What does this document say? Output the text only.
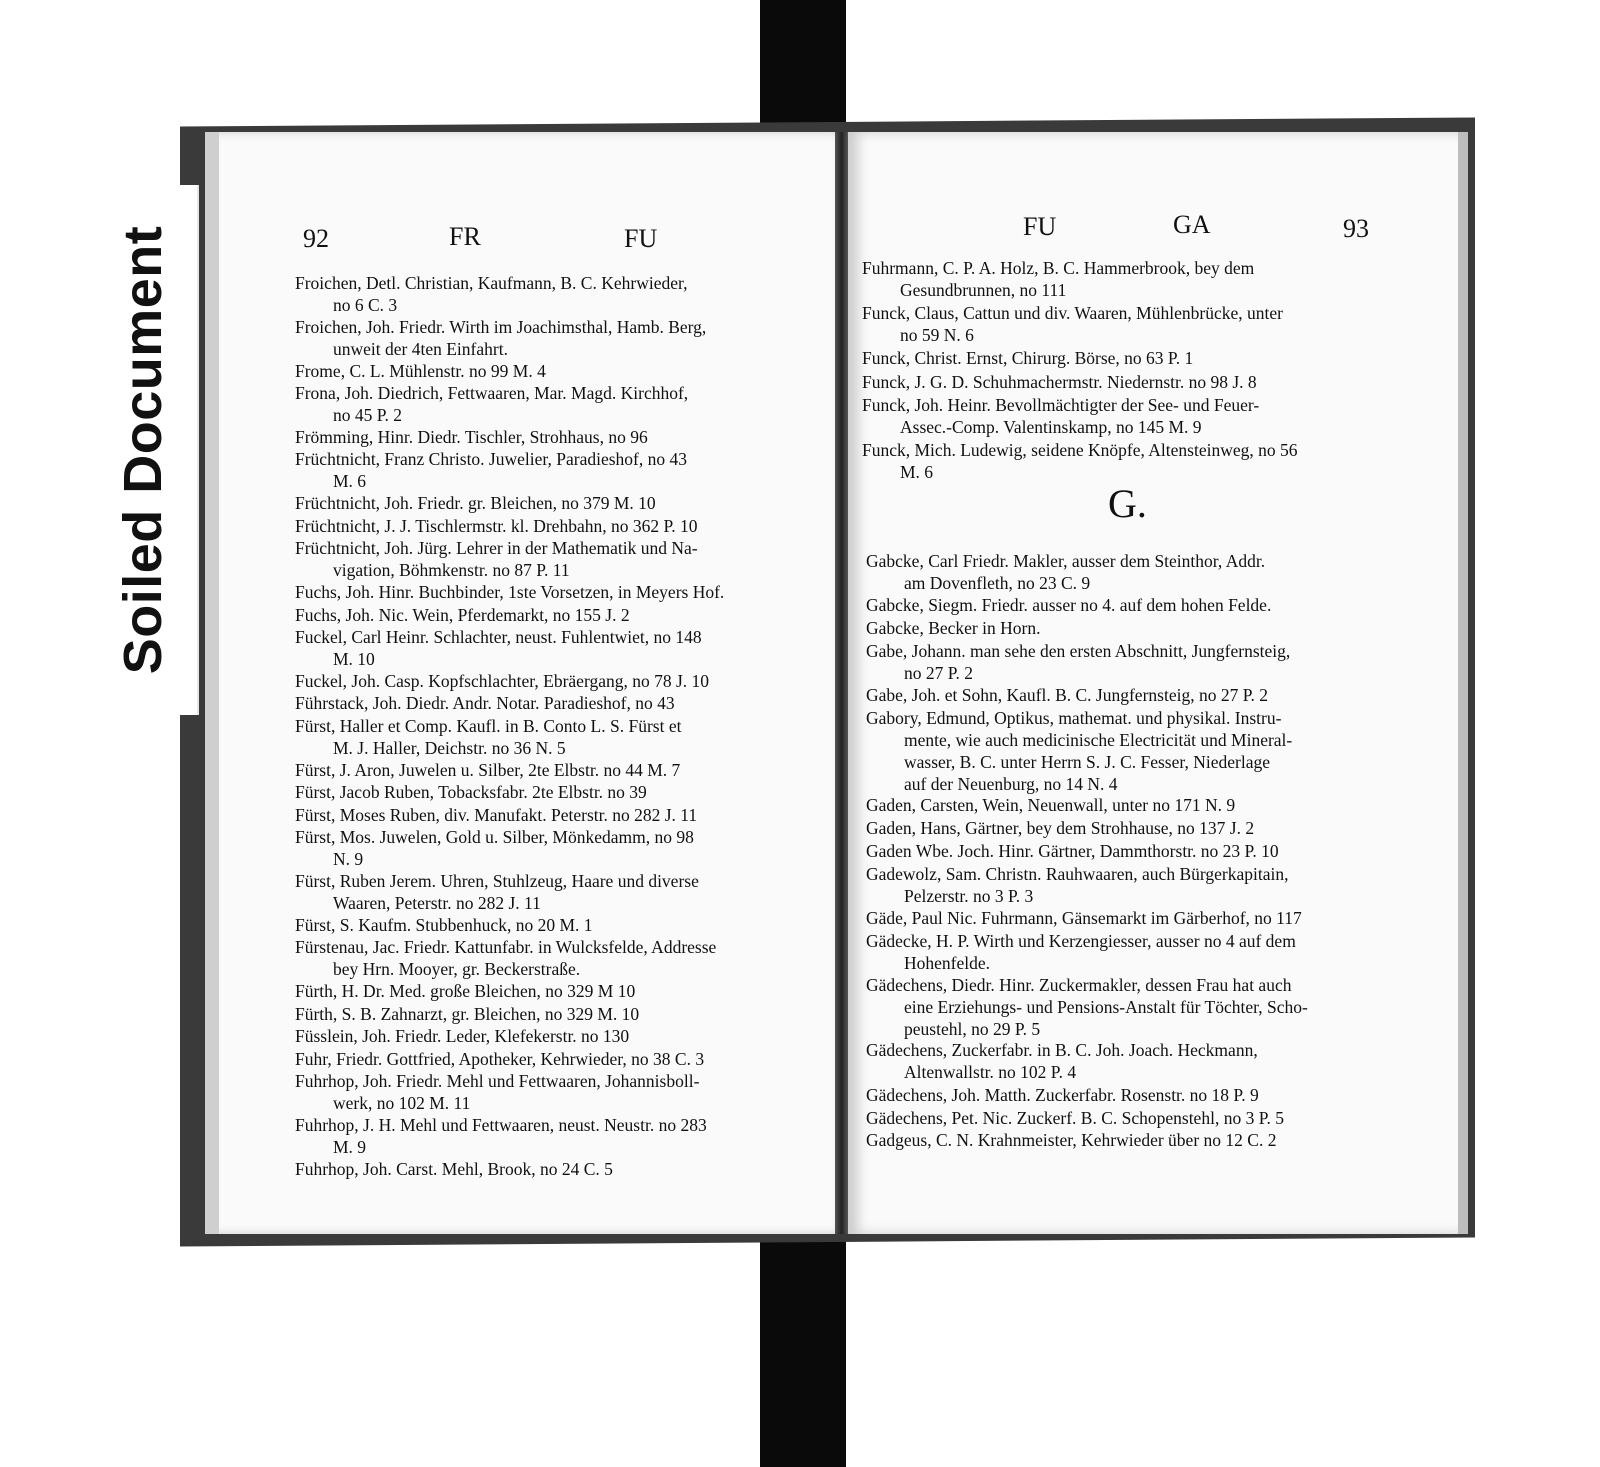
92	FR	FU
Froichen, Detl. Christian, Kaufmann, B. C. Kehrwieder,
no 6 C. 3
Froichen, Joh. Friedr. Wirth im Joachimsthal, Hamb. Berg,
unweit der 4ten Einfahrt.
Frome, C. L. Mühlenstr. no 99 M. 4
Frona, Joh. Diedrich, Fettwaaren, Mar. Magd. Kirchhof,
no 45 P. 2
Frömming, Hinr. Diedr. Tischler, Strohhaus, no 96
Früchtnicht, Franz Christo. Juwelier, Paradieshof, no 43
M. 6
Früchtnicht, Joh. Friedr. gr. Bleichen, no 379 M. 10
Früchtnicht, J. J. Tischlermstr. kl. Drehbahn, no 362 P. 10
Früchtnicht, Joh. Jürg. Lehrer in der Mathematik und Na-
vigation, Böhmkenstr. no 87 P. 11
Fuchs, Joh. Hinr. Buchbinder, 1ste Vorsetzen, in Meyers Hof.
Fuchs, Joh. Nic. Wein, Pferdemarkt, no 155 J. 2
Fuckel, Carl Heinr. Schlachter, neust. Fuhlentwiet, no 148
M. 10
Fuckel, Joh. Casp. Kopfschlachter, Ebräergang, no 78 J. 10
Führstack, Joh. Diedr. Andr. Notar. Paradieshof, no 43
Fürst, Haller et Comp. Kaufl. in B. Conto L. S. Fürst et
M. J. Haller, Deichstr. no 36 N. 5
Fürst, J. Aron, Juwelen u. Silber, 2te Elbstr. no 44 M. 7
Fürst, Jacob Ruben, Tobacksfabr. 2te Elbstr. no 39
Fürst, Moses Ruben, div. Manufakt. Peterstr. no 282 J. 11
Fürst, Mos. Juwelen, Gold u. Silber, Mönkedamm, no 98
N. 9
Fürst, Ruben Jerem. Uhren, Stuhlzeug, Haare und diverse
Waaren, Peterstr. no 282 J. 11
Fürst, S. Kaufm. Stubbenhuck, no 20 M. 1
Fürstenau, Jac. Friedr. Kattunfabr. in Wulcksfelde, Addresse
bey Hrn. Mooyer, gr. Beckerstraße.
Fürth, H. Dr. Med. große Bleichen, no 329 M 10
Fürth, S. B. Zahnarzt, gr. Bleichen, no 329 M. 10
Füsslein, Joh. Friedr. Leder, Klefekerstr. no 130
Fuhr, Friedr. Gottfried, Apotheker, Kehrwieder, no 38 C. 3
Fuhrhop, Joh. Friedr. Mehl und Fettwaaren, Johannisboll-
werk, no 102 M. 11
Fuhrhop, J. H. Mehl und Fettwaaren, neust. Neustr. no 283
M. 9
Fuhrhop, Joh. Carst. Mehl, Brook, no 24 C. 5
FU	GA	93
Fuhrmann, C. P. A. Holz, B. C. Hammerbrook, bey dem
Gesundbrunnen, no 111
Funck, Claus, Cattun und div. Waaren, Mühlenbrücke, unter
no 59 N. 6
Funck, Christ. Ernst, Chirurg. Börse, no 63 P. 1
Funck, J. G. D. Schuhmachermstr. Niedernstr. no 98 J. 8
Funck, Joh. Heinr. Bevollmächtigter der See- und Feuer-
Assec.-Comp. Valentinskamp, no 145 M. 9
Funck, Mich. Ludewig, seidene Knöpfe, Altensteinweg, no 56
M. 6
G.
Gabcke, Carl Friedr. Makler, ausser dem Steinthor, Addr.
am Dovenfleth, no 23 C. 9
Gabcke, Siegm. Friedr. ausser no 4. auf dem hohen Felde.
Gabcke, Becker in Horn.
Gabe, Johann. man sehe den ersten Abschnitt, Jungfernsteig,
no 27 P. 2
Gabe, Joh. et Sohn, Kaufl. B. C. Jungfernsteig, no 27 P. 2
Gabory, Edmund, Optikus, mathemat. und physikal. Instru-
mente, wie auch medicinische Electricität und Mineral-
wasser, B. C. unter Herrn S. J. C. Fesser, Niederlage
auf der Neuenburg, no 14 N. 4
Gaden, Carsten, Wein, Neuenwall, unter no 171 N. 9
Gaden, Hans, Gärtner, bey dem Strohhause, no 137 J. 2
Gaden Wbe. Joch. Hinr. Gärtner, Dammthorstr. no 23 P. 10
Gadewolz, Sam. Christn. Rauhwaaren, auch Bürgerkapitain,
Pelzerstr. no 3 P. 3
Gäde, Paul Nic. Fuhrmann, Gänsemarkt im Gärberhof, no 117
Gädecke, H. P. Wirth und Kerzengiesser, ausser no 4 auf dem
Hohenfelde.
Gädechens, Diedr. Hinr. Zuckermakler, dessen Frau hat auch
eine Erziehungs- und Pensions-Anstalt für Töchter, Scho-
peustehl, no 29 P. 5
Gädechens, Zuckerfabr. in B. C. Joh. Joach. Heckmann,
Altenwallstr. no 102 P. 4
Gädechens, Joh. Matth. Zuckerfabr. Rosenstr. no 18 P. 9
Gädechens, Pet. Nic. Zuckerf. B. C. Schopenstehl, no 3 P. 5
Gadgeus, C. N. Krahnmeister, Kehrwieder über no 12 C. 2
Soiled Document
